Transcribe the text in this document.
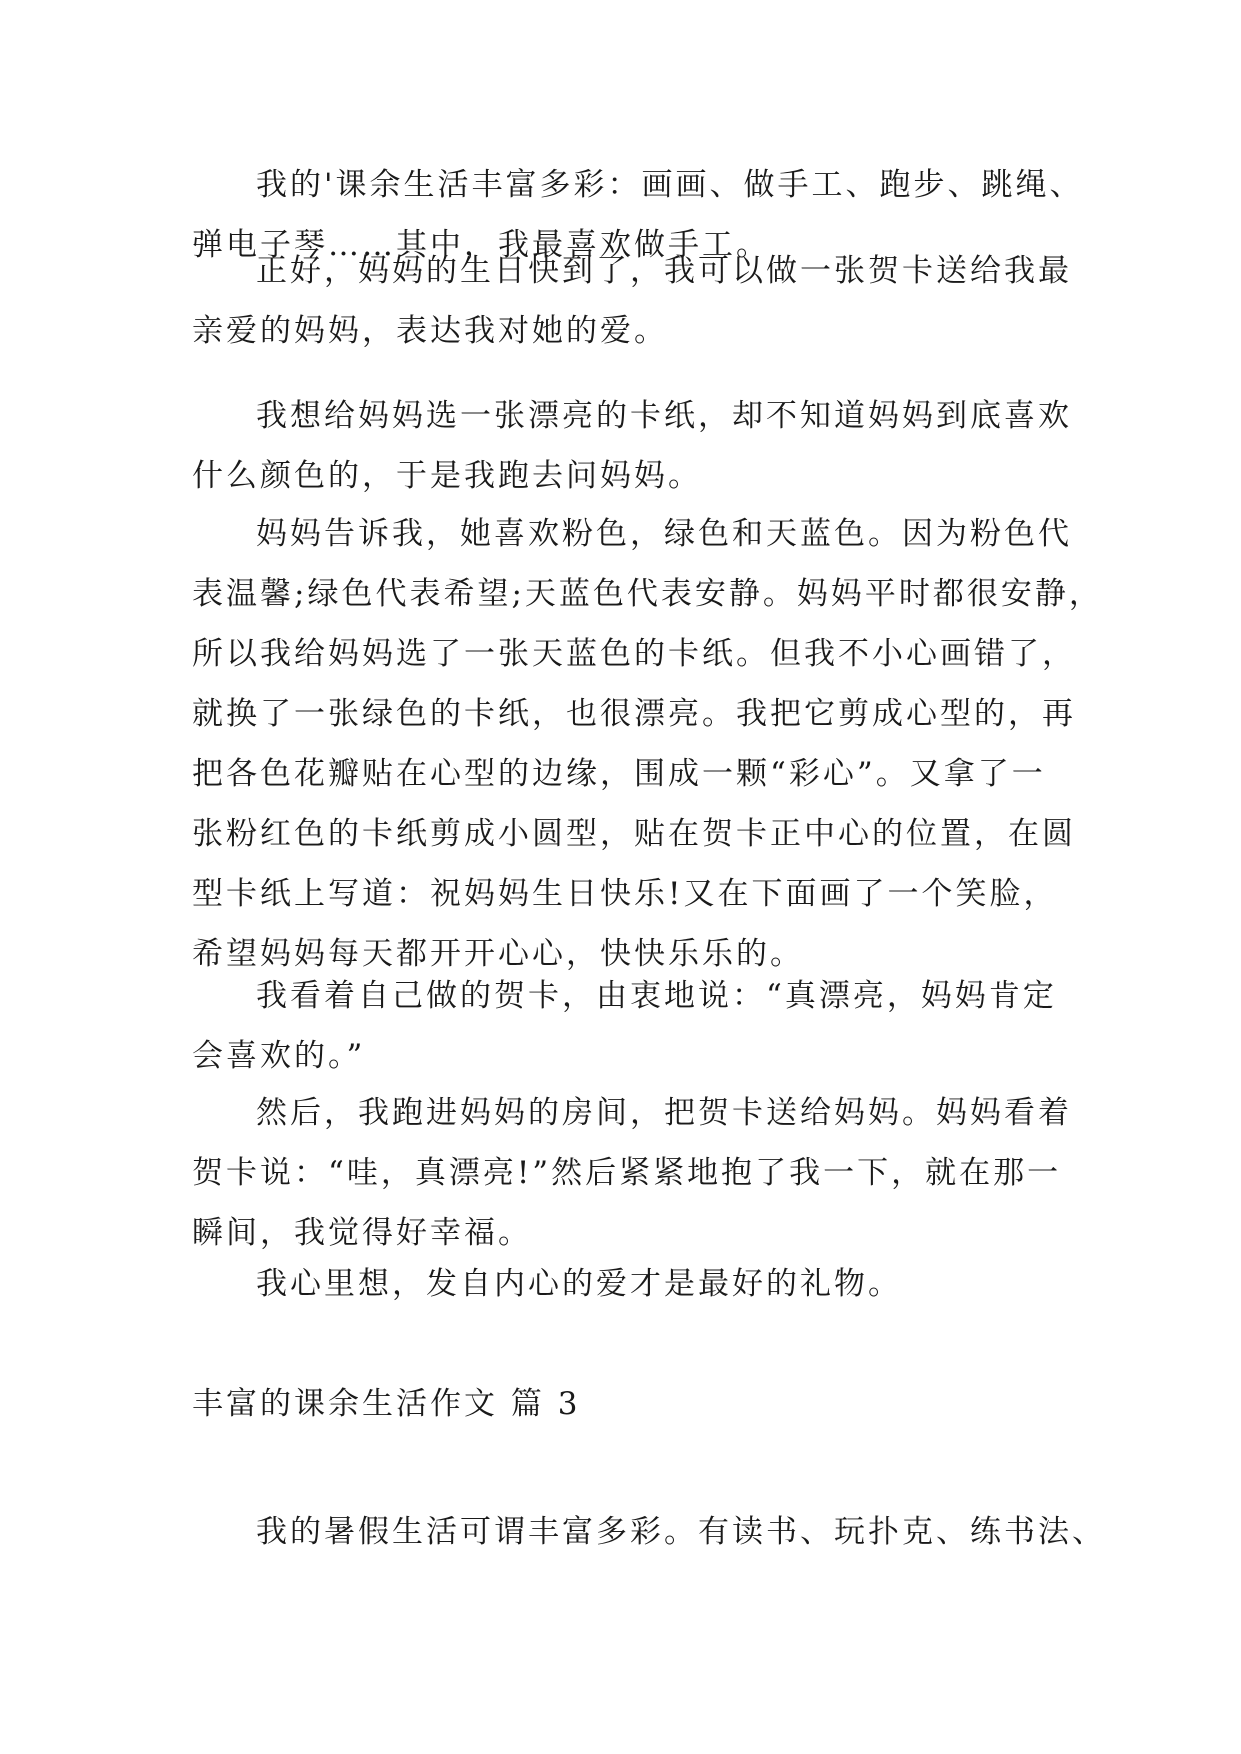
我的'课余生活丰富多彩：画画、做手工、跑步、跳绳、
弹电子琴……其中，我最喜欢做手工。
正好，妈妈的生日快到了，我可以做一张贺卡送给我最
亲爱的妈妈，表达我对她的爱。
我想给妈妈选一张漂亮的卡纸，却不知道妈妈到底喜欢
什么颜色的，于是我跑去问妈妈。
妈妈告诉我，她喜欢粉色，绿色和天蓝色。因为粉色代
表温馨;绿色代表希望;天蓝色代表安静。妈妈平时都很安静，
所以我给妈妈选了一张天蓝色的卡纸。但我不小心画错了，
就换了一张绿色的卡纸，也很漂亮。我把它剪成心型的，再
把各色花瓣贴在心型的边缘，围成一颗“彩心”。又拿了一
张粉红色的卡纸剪成小圆型，贴在贺卡正中心的位置，在圆
型卡纸上写道：祝妈妈生日快乐!又在下面画了一个笑脸，
希望妈妈每天都开开心心，快快乐乐的。
我看着自己做的贺卡，由衷地说：“真漂亮，妈妈肯定
会喜欢的。”
然后，我跑进妈妈的房间，把贺卡送给妈妈。妈妈看着
贺卡说：“哇，真漂亮!”然后紧紧地抱了我一下，就在那一
瞬间，我觉得好幸福。
我心里想，发自内心的爱才是最好的礼物。
丰富的课余生活作文 篇 3
我的暑假生活可谓丰富多彩。有读书、玩扑克、练书法、
